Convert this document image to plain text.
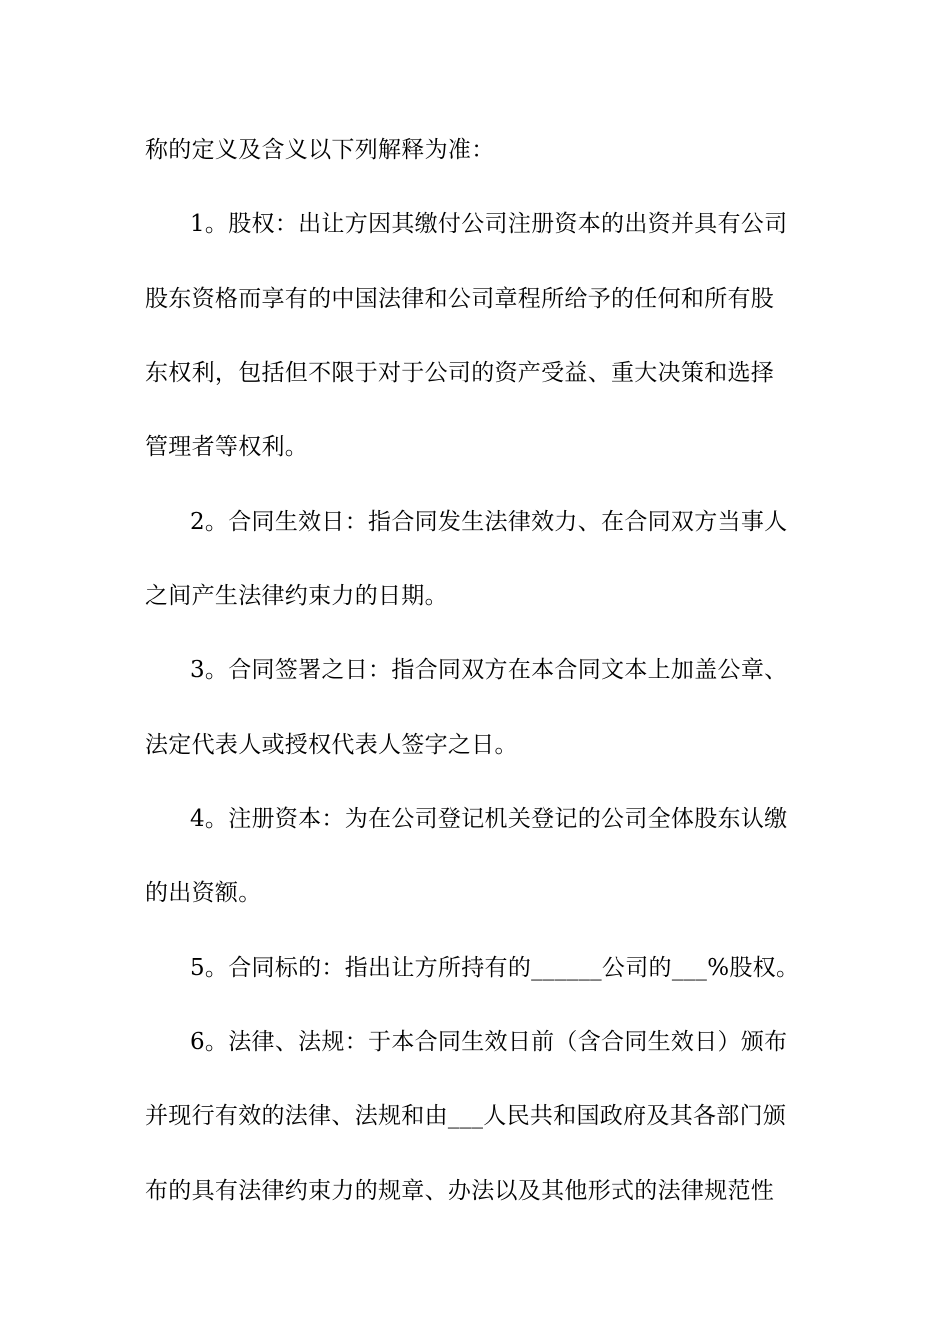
称的定义及含义以下列解释为准：
1。股权：出让方因其缴付公司注册资本的出资并具有公司
股东资格而享有的中国法律和公司章程所给予的任何和所有股
东权利，包括但不限于对于公司的资产受益、重大决策和选择
管理者等权利。
2。合同生效日：指合同发生法律效力、在合同双方当事人
之间产生法律约束力的日期。
3。合同签署之日：指合同双方在本合同文本上加盖公章、
法定代表人或授权代表人签字之日。
4。注册资本：为在公司登记机关登记的公司全体股东认缴
的出资额。
5。合同标的：指出让方所持有的______公司的___%股权。
6。法律、法规：于本合同生效日前（含合同生效日）颁布
并现行有效的法律、法规和由___人民共和国政府及其各部门颁
布的具有法律约束力的规章、办法以及其他形式的法律规范性
